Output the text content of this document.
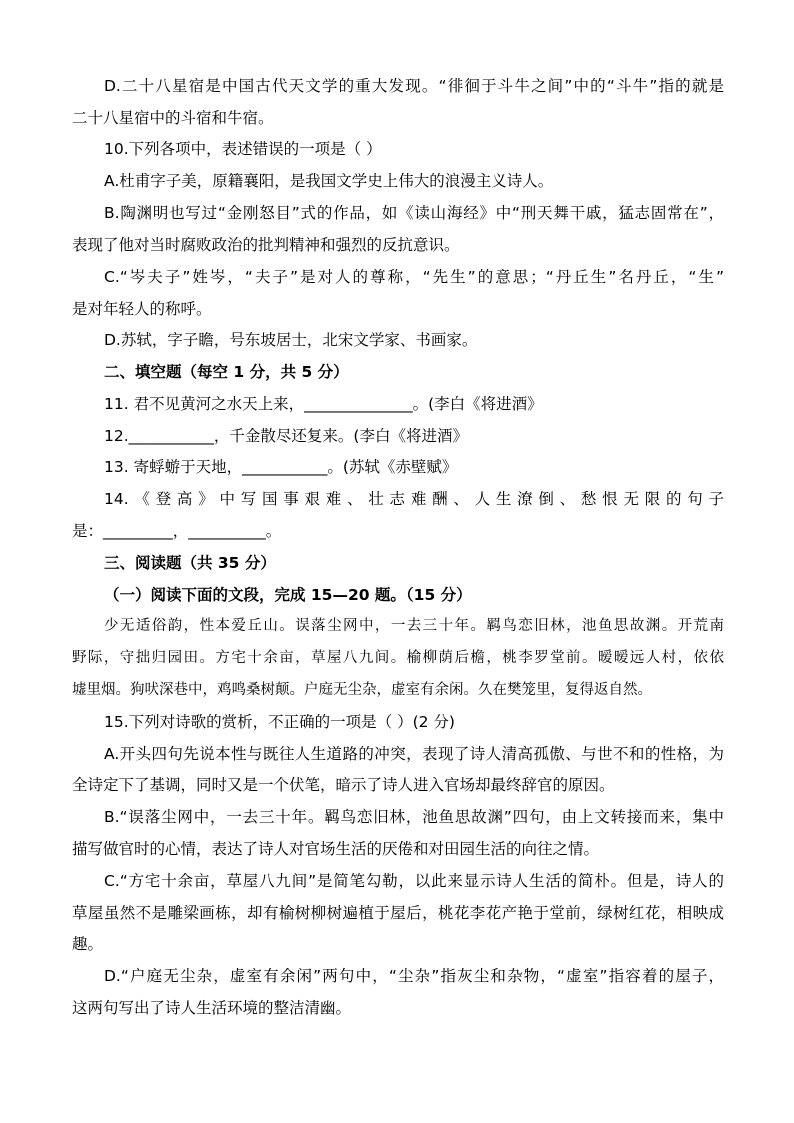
D.二十八星宿是中国古代天文学的重大发现。“徘徊于斗牛之间”中的“斗牛”指的就是
二十八星宿中的斗宿和牛宿。
10.下列各项中，表述错误的一项是（ ）
A.杜甫字子美，原籍襄阳，是我国文学史上伟大的浪漫主义诗人。
B.陶渊明也写过“金刚怒目”式的作品，如《读山海经》中“刑天舞干戚，猛志固常在”，
表现了他对当时腐败政治的批判精神和强烈的反抗意识。
C.“岑夫子”姓岑，“夫子”是对人的尊称，“先生”的意思；“丹丘生”名丹丘，“生”
是对年轻人的称呼。
D.苏轼，字子瞻，号东坡居士，北宋文学家、书画家。
二、填空题（每空 1 分，共 5 分）
11. 君不见黄河之水天上来，______________。(李白《将进酒》
12.___________，千金散尽还复来。(李白《将进酒》
13. 寄蜉蝣于天地，___________。(苏轼《赤壁赋》
14.《登高》中写国事艰难、壮志难酬、人生潦倒、愁恨无限的句子
是：_________，__________。
三、阅读题（共 35 分）
（一）阅读下面的文段，完成 15—20 题。（15 分）
少无适俗韵，性本爱丘山。误落尘网中，一去三十年。羁鸟恋旧林，池鱼思故渊。开荒南
野际，守拙归园田。方宅十余亩，草屋八九间。榆柳荫后檐，桃李罗堂前。暧暧远人村，依依
墟里烟。狗吠深巷中，鸡鸣桑树颠。户庭无尘杂，虚室有余闲。久在樊笼里，复得返自然。
15.下列对诗歌的赏析，不正确的一项是（ ）(2 分)
A.开头四句先说本性与既往人生道路的冲突，表现了诗人清高孤傲、与世不和的性格，为
全诗定下了基调，同时又是一个伏笔，暗示了诗人进入官场却最终辞官的原因。
B.“误落尘网中，一去三十年。羁鸟恋旧林，池鱼思故渊”四句，由上文转接而来，集中
描写做官时的心情，表达了诗人对官场生活的厌倦和对田园生活的向往之情。
C.“方宅十余亩，草屋八九间”是简笔勾勒，以此来显示诗人生活的简朴。但是，诗人的
草屋虽然不是雕梁画栋，却有榆树柳树遍植于屋后，桃花李花产艳于堂前，绿树红花，相映成
趣。
D.“户庭无尘杂，虚室有余闲”两句中，“尘杂”指灰尘和杂物，“虚室”指容着的屋子，
这两句写出了诗人生活环境的整洁清幽。
